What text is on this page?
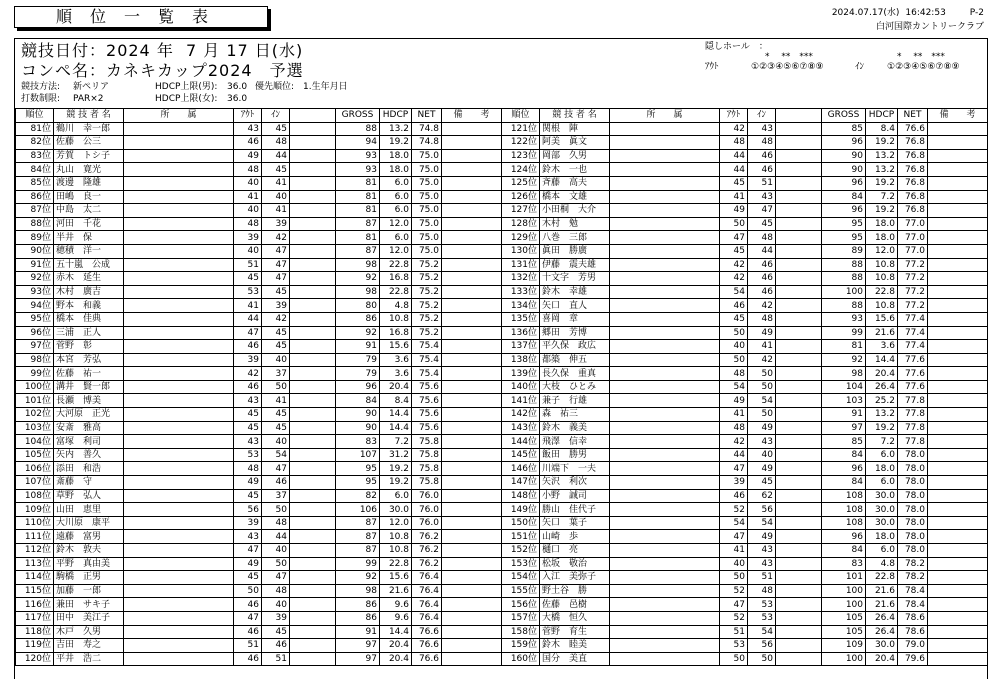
順位一覧表	2024.07.17(水) 16:42:53	P-2
白河国際カントリークラブ
競技日付：2024 年  7 月 17 日(水)
コンペ名：カネキカップ2024　予選
競技方法: 新ペリア	HDCP上限(男): 36.0 優先順位: 1.生年月日
打数制限: PAR×2	HDCP上限(女): 36.0
隠しホール　：
*　 **　***	*　 **　***
ｱｳﾄ	①②③④⑤⑥⑦⑧⑨	ｲﾝ	①②③④⑤⑥⑦⑧⑨
順位	競 技 者 名	所　　属	ｱｳﾄ	ｲﾝ		GROSS	HDCP	NET	備　　考
81位	鵜川　幸一郎		43	45		88	13.2	74.8	
82位	佐藤　公三		46	48		94	19.2	74.8	
83位	芳賀　トシ子		49	44		93	18.0	75.0	
84位	丸山　寛光		48	45		93	18.0	75.0	
85位	渡邊　隆雄		40	41		81	6.0	75.0	
86位	田嶋　良一		41	40		81	6.0	75.0	
87位	中島　太二		40	41		81	6.0	75.0	
88位	河田　千花		48	39		87	12.0	75.0	
89位	半井　保		39	42		81	6.0	75.0	
90位	穂積　洋一		40	47		87	12.0	75.0	
91位	五十嵐　公成		51	47		98	22.8	75.2	
92位	赤木　延生		45	47		92	16.8	75.2	
93位	木村　廣吉		53	45		98	22.8	75.2	
94位	野本　和義		41	39		80	4.8	75.2	
95位	橋本　佳典		44	42		86	10.8	75.2	
96位	三浦　正人		47	45		92	16.8	75.2	
97位	菅野　彰		46	45		91	15.6	75.4	
98位	本宮　芳弘		39	40		79	3.6	75.4	
99位	佐藤　祐一		42	37		79	3.6	75.4	
100位	溝井　賢一郎		46	50		96	20.4	75.6	
101位	長瀬　博美		43	41		84	8.4	75.6	
102位	大河原　正光		45	45		90	14.4	75.6	
103位	安斎　雅高		45	45		90	14.4	75.6	
104位	富塚　利司		43	40		83	7.2	75.8	
105位	矢内　善久		53	54		107	31.2	75.8	
106位	添田　和浩		48	47		95	19.2	75.8	
107位	斎藤　守		49	46		95	19.2	75.8	
108位	草野　弘人		45	37		82	6.0	76.0	
109位	山田　恵里		56	50		106	30.0	76.0	
110位	大川原　康平		39	48		87	12.0	76.0	
111位	遠藤　富男		43	44		87	10.8	76.2	
112位	鈴木　敦夫		47	40		87	10.8	76.2	
113位	平野　真由美		49	50		99	22.8	76.2	
114位	駒橋　正男		45	47		92	15.6	76.4	
115位	加藤　一郎		50	48		98	21.6	76.4	
116位	兼田　サキ子		46	40		86	9.6	76.4	
117位	田中　美江子		47	39		86	9.6	76.4	
118位	木戸　久男		46	45		91	14.4	76.6	
119位	吉田　寿之		51	46		97	20.4	76.6	
120位	平井　浩二		46	51		97	20.4	76.6	
順位	競 技 者 名	所　　属	ｱｳﾄ	ｲﾝ		GROSS	HDCP	NET	備　　考
121位	関根　陣		42	43		85	8.4	76.6	
122位	阿美　眞文		48	48		96	19.2	76.8	
123位	岡部　久男		44	46		90	13.2	76.8	
124位	鈴木　一也		44	46		90	13.2	76.8	
125位	斉藤　高夫		45	51		96	19.2	76.8	
126位	橋本　文雄		41	43		84	7.2	76.8	
127位	小田桐　大介		49	47		96	19.2	76.8	
128位	木村　勉		50	45		95	18.0	77.0	
129位	八巻　三郎		47	48		95	18.0	77.0	
130位	眞田　勝廣		45	44		89	12.0	77.0	
131位	伊藤　震夫雄		42	46		88	10.8	77.2	
132位	十文字　芳男		42	46		88	10.8	77.2	
133位	鈴木　幸雄		54	46		100	22.8	77.2	
134位	矢口　直人		46	42		88	10.8	77.2	
135位	喜岡　章		45	48		93	15.6	77.4	
136位	郷田　芳博		50	49		99	21.6	77.4	
137位	平久保　政広		40	41		81	3.6	77.4	
138位	都築　伸五		50	42		92	14.4	77.6	
139位	長久保　重真		48	50		98	20.4	77.6	
140位	大枝　ひとみ		54	50		104	26.4	77.6	
141位	兼子　行雄		49	54		103	25.2	77.8	
142位	森　祐三		41	50		91	13.2	77.8	
143位	鈴木　義美		48	49		97	19.2	77.8	
144位	飛澤　信幸		42	43		85	7.2	77.8	
145位	飯田　勝男		44	40		84	6.0	78.0	
146位	川端下　一夫		47	49		96	18.0	78.0	
147位	矢沢　利次		39	45		84	6.0	78.0	
148位	小野　誠司		46	62		108	30.0	78.0	
149位	勝山　佳代子		52	56		108	30.0	78.0	
150位	矢口　葉子		54	54		108	30.0	78.0	
151位	山崎　歩		47	49		96	18.0	78.0	
152位	樋口　亮		41	43		84	6.0	78.0	
153位	松坂　敬治		40	43		83	4.8	78.2	
154位	入江　美弥子		50	51		101	22.8	78.2	
155位	野土谷　勝		52	48		100	21.6	78.4	
156位	佐藤　邑樹		47	53		100	21.6	78.4	
157位	大橋　恒久		52	53		105	26.4	78.6	
158位	菅野　育生		51	54		105	26.4	78.6	
159位	鈴木　睦美		53	56		109	30.0	79.0	
160位	国分　美直		50	50		100	20.4	79.6	
